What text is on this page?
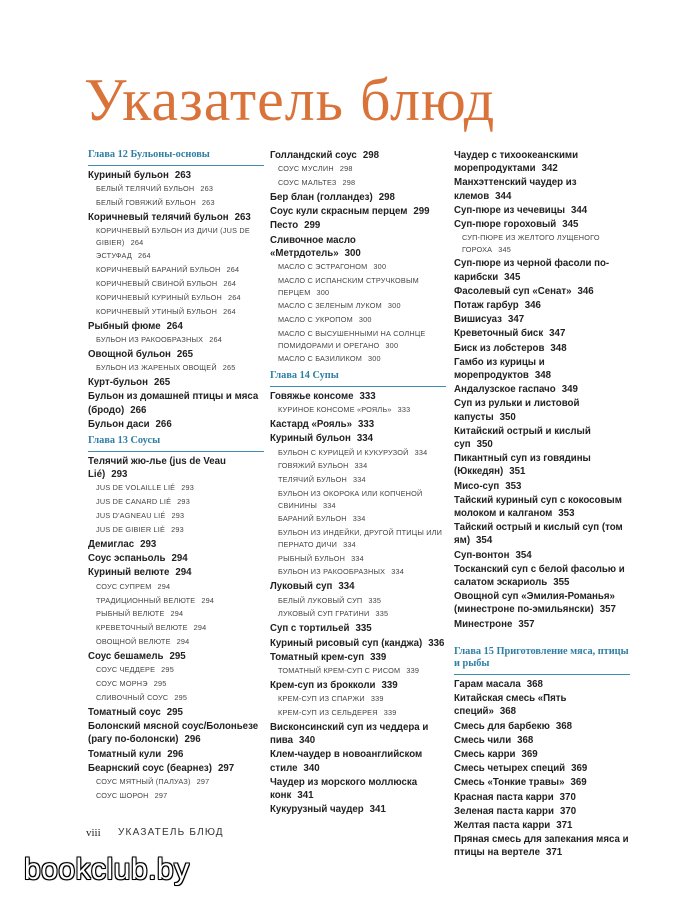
Указатель блюд
Глава 12 Бульоны-основы
Куриный бульон 263
БЕЛЫЙ ТЕЛЯЧИЙ БУЛЬОН 263
БЕЛЫЙ ГОВЯЖИЙ БУЛЬОН 263
Коричневый телячий бульон 263
КОРИЧНЕВЫЙ БУЛЬОН ИЗ ДИЧИ (JUS DE GIBIER) 264
ЭСТУФАД 264
КОРИЧНЕВЫЙ БАРАНИЙ БУЛЬОН 264
КОРИЧНЕВЫЙ СВИНОЙ БУЛЬОН 264
КОРИЧНЕВЫЙ КУРИНЫЙ БУЛЬОН 264
КОРИЧНЕВЫЙ УТИНЫЙ БУЛЬОН 264
Рыбный фюме 264
БУЛЬОН ИЗ РАКООБРАЗНЫХ 264
Овощной бульон 265
БУЛЬОН ИЗ ЖАРЕНЫХ ОВОЩЕЙ 265
Курт-бульон 265
Бульон из домашней птицы и мяса (бродо) 266
Бульон даси 266
Глава 13 Соусы
Телячий жю-лье (jus de Veau Lié) 293
JUS DE VOLAILLE LIÉ 293
JUS DE CANARD LIÉ 293
JUS D'AGNEAU LIÉ 293
JUS DE GIBIER LIÉ 293
Демиглас 293
Соус эспаньоль 294
Куриный велюте 294
СОУС СУПРЕМ 294
ТРАДИЦИОННЫЙ ВЕЛЮТЕ 294
РЫБНЫЙ ВЕЛЮТЕ 294
КРЕВЕТОЧНЫЙ ВЕЛЮТЕ 294
ОВОЩНОЙ ВЕЛЮТЕ 294
Соус бешамель 295
СОУС ЧЕДДЕРЕ 295
СОУС МОРНЭ 295
СЛИВОЧНЫЙ СОУС 295
Томатный соус 295
Болонский мясной соус/Болоньезе (рагу по-болонски) 296
Томатный кули 296
Беарнский соус (беарнез) 297
СОУС МЯТНЫЙ (ПАЛУАЗ) 297
СОУС ШОРОН 297
Голландский соус 298
СОУС МУСЛИН 298
СОУС МАЛЬТЕЗ 298
Бер блан (голландез) 298
Соус кули скрасным перцем 299
Песто 299
Сливочное масло «Метрдотель» 300
МАСЛО С ЭСТРАГОНОМ 300
МАСЛО С ИСПАНСКИМ СТРУЧКОВЫМ ПЕРЦЕМ 300
МАСЛО С ЗЕЛЕНЫМ ЛУКОМ 300
МАСЛО С УКРОПОМ 300
МАСЛО С ВЫСУШЕННЫМИ НА СОЛНЦЕ ПОМИДОРАМИ И ОРЕГАНО 300
МАСЛО С БАЗИЛИКОМ 300
Глава 14 Супы
Говяжье консоме 333
КУРИНОЕ КОНСОМЕ «РОЯЛЬ» 333
Кастард «Рояль» 333
Куриный бульон 334
БУЛЬОН С КУРИЦЕЙ И КУКУРУЗОЙ 334
ГОВЯЖИЙ БУЛЬОН 334
ТЕЛЯЧИЙ БУЛЬОН 334
БУЛЬОН ИЗ ОКОРОКА ИЛИ КОПЧЕНОЙ СВИНИНЫ 334
БАРАНИЙ БУЛЬОН 334
БУЛЬОН ИЗ ИНДЕЙКИ, ДРУГОЙ ПТИЦЫ ИЛИ ПЕРНАТО ДИЧИ 334
РЫБНЫЙ БУЛЬОН 334
БУЛЬОН ИЗ РАКООБРАЗНЫХ 334
Луковый суп 334
БЕЛЫЙ ЛУКОВЫЙ СУП 335
ЛУКОВЫЙ СУП ГРАТИНИ 335
Суп с тортильей 335
Куриный рисовый суп (канджа) 336
Томатный крем-суп 339
ТОМАТНЫЙ КРЕМ-СУП С РИСОМ 339
Крем-суп из брокколи 339
КРЕМ-СУП ИЗ СПАРЖИ 339
КРЕМ-СУП ИЗ СЕЛЬДЕРЕЯ 339
Висконсинский суп из чеддера и пива 340
Клем-чаудер в новоанглийском стиле 340
Чаудер из морского моллюска конк 341
Кукурузный чаудер 341
Чаудер с тихоокеанскими морепродуктами 342
Манхэттенский чаудер из клемов 344
Суп-пюре из чечевицы 344
Суп-пюре гороховый 345
СУП-ПЮРЕ ИЗ ЖЕЛТОГО ЛУЩЕНОГО ГОРОХА 345
Суп-пюре из черной фасоли по-карибски 345
Фасолевый суп «Сенат» 346
Потаж гарбур 346
Вишисуаз 347
Креветочный биск 347
Биск из лобстеров 348
Гамбо из курицы и морепродуктов 348
Андалузское гаспачо 349
Суп из рульки и листовой капусты 350
Китайский острый и кислый суп 350
Пикантный суп из говядины (Юккедян) 351
Мисо-суп 353
Тайский куриный суп с кокосовым молоком и калганом 353
Тайский острый и кислый суп (том ям) 354
Суп-вонтон 354
Тосканский суп с белой фасолью и салатом эскариоль 355
Овощной суп «Эмилия-Романья» (минестроне по-эмильянски) 357
Минестроне 357
Глава 15 Приготовление мяса, птицы и рыбы
Гарам масала 368
Китайская смесь «Пять специй» 368
Смесь для барбекю 368
Смесь чили 368
Смесь карри 369
Смесь четырех специй 369
Смесь «Тонкие травы» 369
Красная паста карри 370
Зеленая паста карри 370
Желтая паста карри 371
Пряная смесь для запекания мяса и птицы на вертеле 371
viii УКАЗАТЕЛЬ БЛЮД
bookclub.by
